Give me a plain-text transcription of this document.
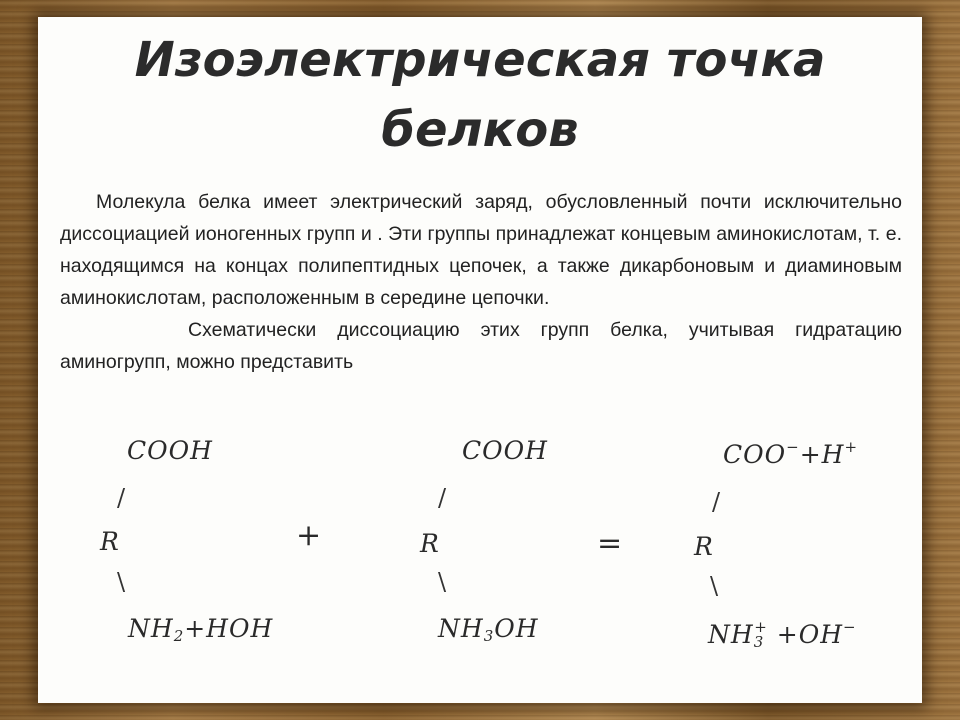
Изоэлектрическая точка
белков

Молекула белка имеет электрический заряд, обусловленный почти исключительно диссоциацией ионогенных групп и . Эти группы принадлежат концевым аминокислотам, т. е. находящимся на концах полипептидных цепочек, а также дикарбоновым и диаминовым аминокислотам, расположенным в середине цепочки.

Схематически диссоциацию этих групп белка, учитывая гидратацию аминогрупп, можно представить

COOH
/
R
\
$NH_2+HOH$
+
COOH
/
R
\
$NH_3OH$
=
COO−+H+
/
R
\
$NH_3^+ +OH^-$
